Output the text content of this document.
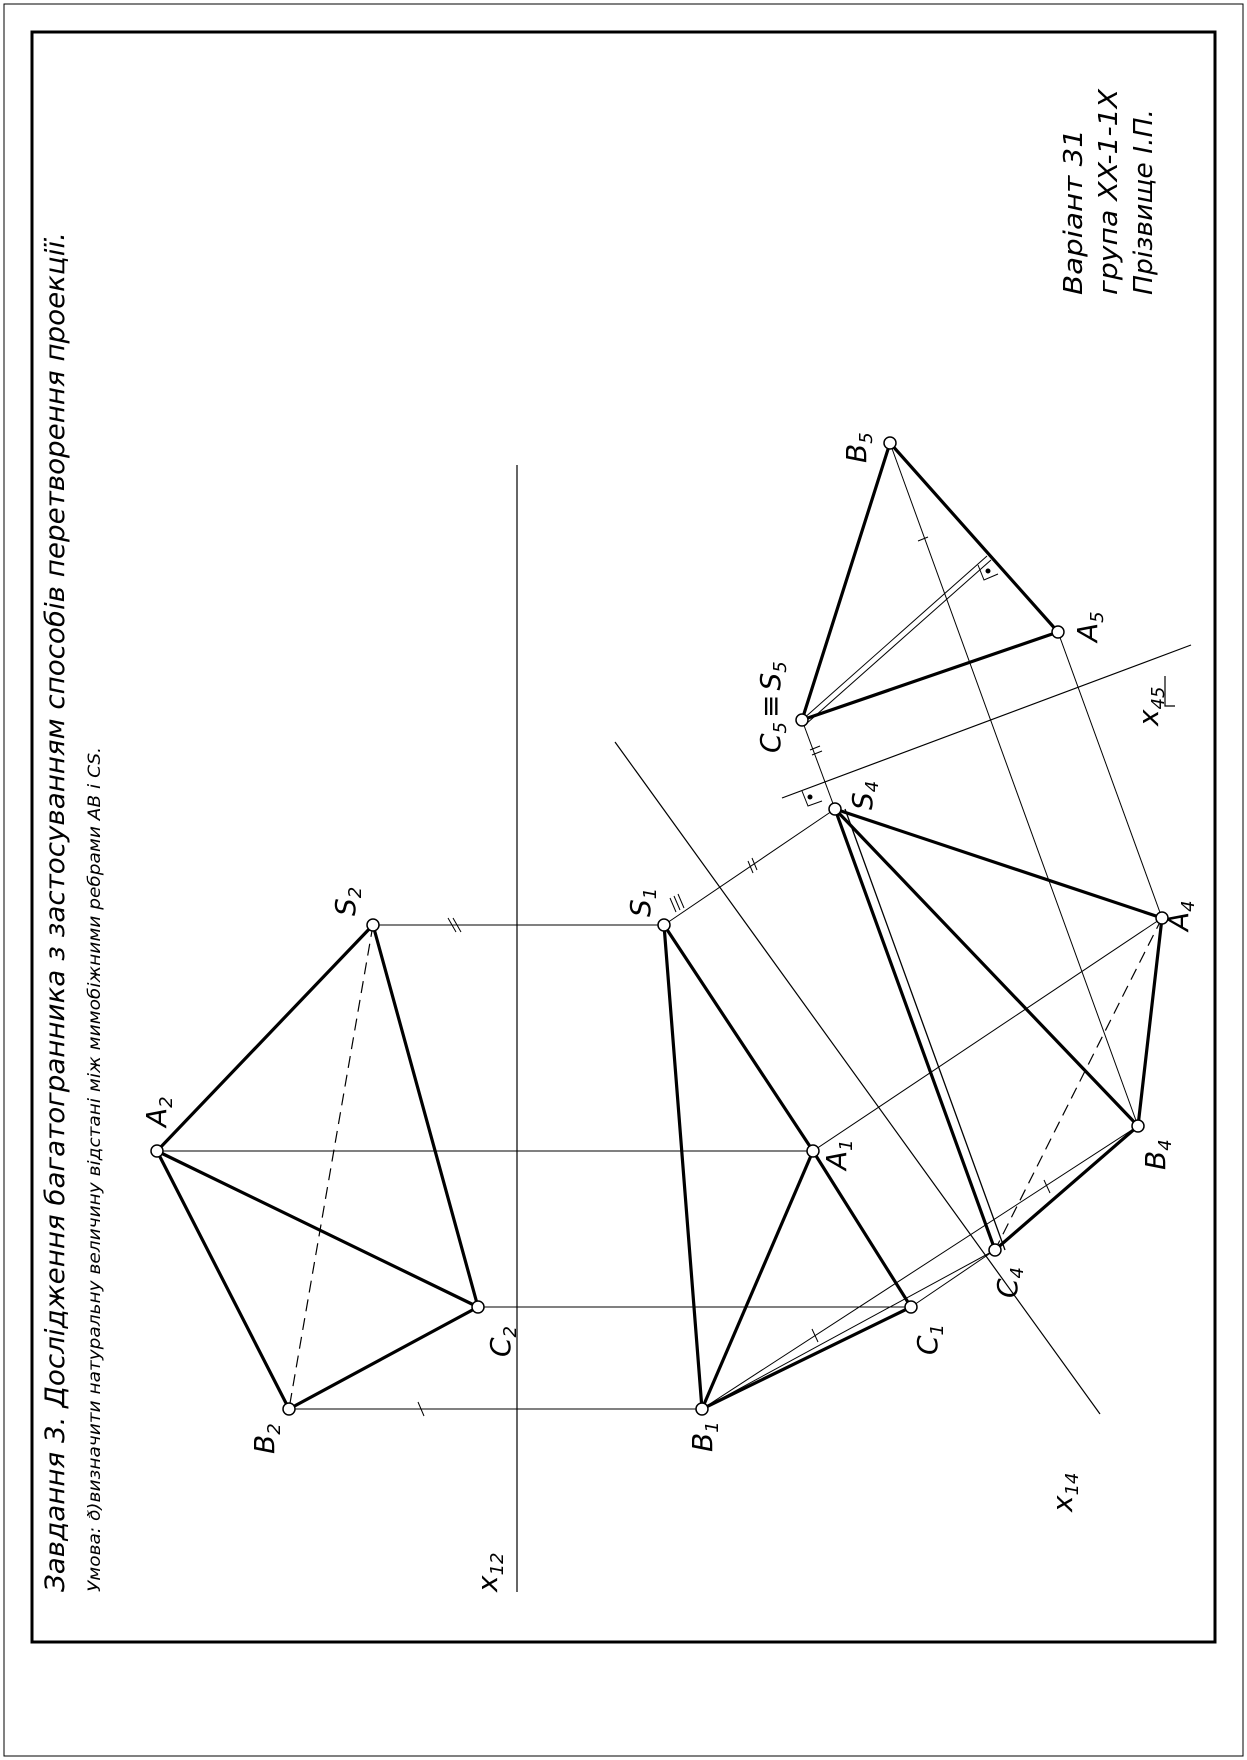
Завдання 3. Дослідження багатогранника з застосуванням способів перетворення проекції. Умова: ð)визначити натуральну величину відстані між мимобіжними ребрами AB і CS.
Варіант 31 група XX-1-1X Прізвище І.П.
$A_2$
$B_2$
$C_2$
$S_2$
$A_1$
$B_1$
$C_1$
$S_1$
$A_4$
$B_4$
$C_4$
$S_4$
$A_5$
$B_5$
$C_5\equiv S_5$
$x_{12}$
$x_{14}$
$x_{45}$
